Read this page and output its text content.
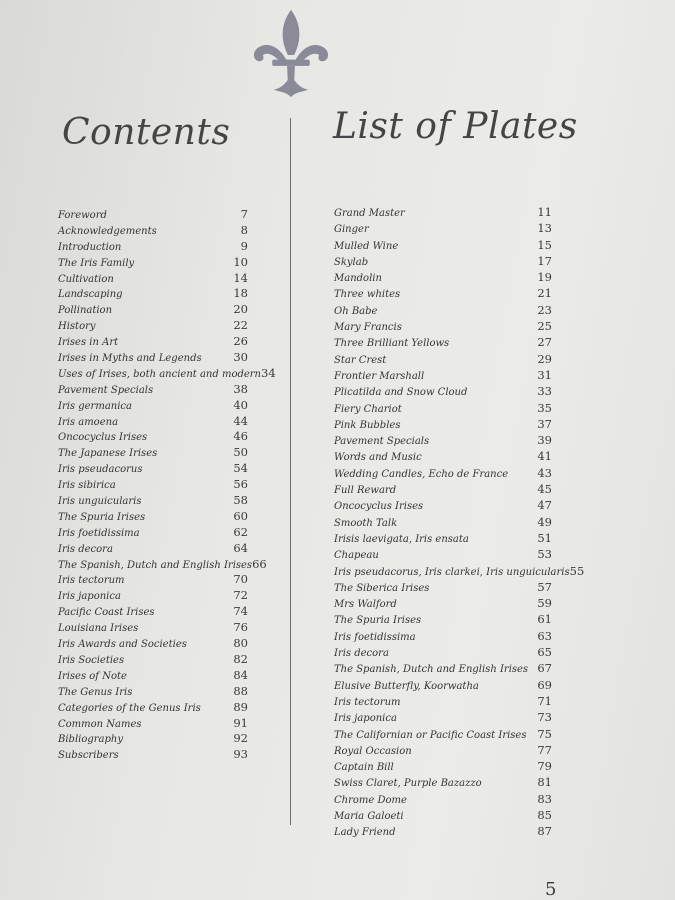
Contents	List of Plates
Foreword	7
Acknowledgements	8
Introduction	9
The Iris Family	10
Cultivation	14
Landscaping	18
Pollination	20
History	22
Irises in Art	26
Irises in Myths and Legends	30
Uses of Irises, both ancient and modern 34
Pavement Specials	38
Iris germanica	40
Iris amoena	44
Oncocyclus Irises	46
The Japanese Irises	50
Iris pseudacorus	54
Iris sibirica	56
Iris unguicularis	58
The Spuria Irises	60
Iris foetidissima	62
Iris decora	64
The Spanish, Dutch and English Irises 66
Iris tectorum	70
Iris japonica	72
Pacific Coast Irises	74
Louisiana Irises	76
Iris Awards and Societies	80
Iris Societies	82
Irises of Note	84
The Genus Iris	88
Categories of the Genus Iris	89
Common Names	91
Bibliography	92
Subscribers	93
Grand Master	11
Ginger	13
Mulled Wine	15
Skylab	17
Mandolin	19
Three whites	21
Oh Babe	23
Mary Francis	25
Three Brilliant Yellows	27
Star Crest	29
Frontier Marshall	31
Plicatilda and Snow Cloud	33
Fiery Chariot	35
Pink Bubbles	37
Pavement Specials	39
Words and Music	41
Wedding Candles, Echo de France	43
Full Reward	45
Oncocyclus Irises	47
Smooth Talk	49
Irisis laevigata, Iris ensata	51
Chapeau	53
Iris pseudacorus, Iris clarkei, Iris unguicularis 55
The Siberica Irises	57
Mrs Walford	59
The Spuria Irises	61
Iris foetidissima	63
Iris decora	65
The Spanish, Dutch and English Irises 67
Elusive Butterfly, Koorwatha	69
Iris tectorum	71
Iris japonica	73
The Californian or Pacific Coast Irises 75
Royal Occasion	77
Captain Bill	79
Swiss Claret, Purple Bazazzo	81
Chrome Dome	83
Maria Galoeti	85
Lady Friend	87
5
